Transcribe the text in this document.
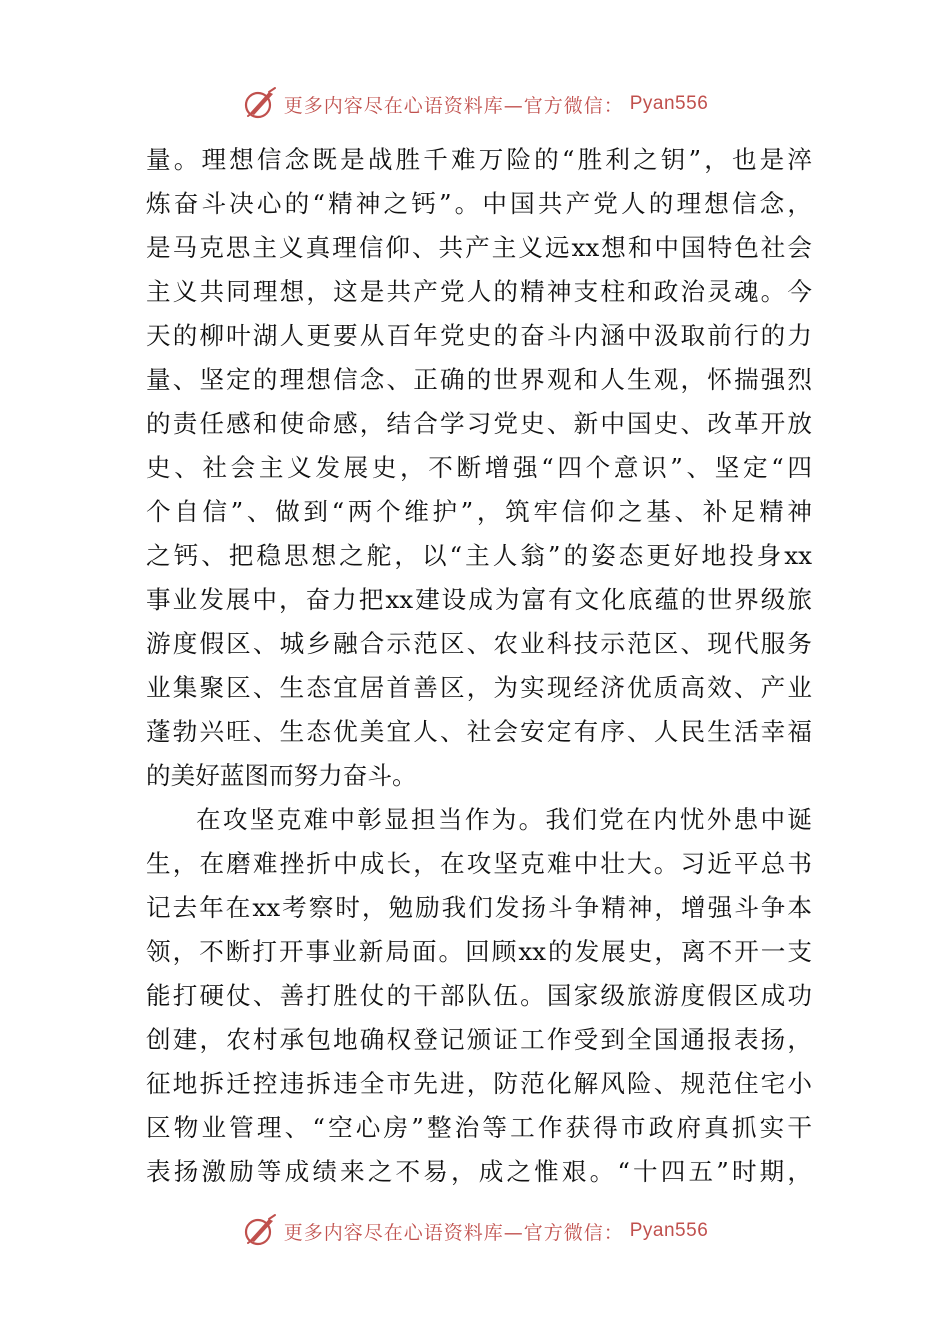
更多内容尽在心语资料库—官方微信： Pyan556
量。理想信念既是战胜千难万险的“胜利之钥”，也是淬
炼奋斗决心的“精神之钙”。中国共产党人的理想信念，
是马克思主义真理信仰、共产主义远xx想和中国特色社会
主义共同理想，这是共产党人的精神支柱和政治灵魂。今
天的柳叶湖人更要从百年党史的奋斗内涵中汲取前行的力
量、坚定的理想信念、正确的世界观和人生观，怀揣强烈
的责任感和使命感，结合学习党史、新中国史、改革开放
史、社会主义发展史，不断增强“四个意识”、坚定“四
个自信”、做到“两个维护”，筑牢信仰之基、补足精神
之钙、把稳思想之舵，以“主人翁”的姿态更好地投身xx
事业发展中，奋力把xx建设成为富有文化底蕴的世界级旅
游度假区、城乡融合示范区、农业科技示范区、现代服务
业集聚区、生态宜居首善区，为实现经济优质高效、产业
蓬勃兴旺、生态优美宜人、社会安定有序、人民生活幸福
的美好蓝图而努力奋斗。
在攻坚克难中彰显担当作为。我们党在内忧外患中诞
生，在磨难挫折中成长，在攻坚克难中壮大。习近平总书
记去年在xx考察时，勉励我们发扬斗争精神，增强斗争本
领，不断打开事业新局面。回顾xx的发展史，离不开一支
能打硬仗、善打胜仗的干部队伍。国家级旅游度假区成功
创建，农村承包地确权登记颁证工作受到全国通报表扬，
征地拆迁控违拆违全市先进，防范化解风险、规范住宅小
区物业管理、“空心房”整治等工作获得市政府真抓实干
表扬激励等成绩来之不易，成之惟艰。“十四五”时期，
更多内容尽在心语资料库—官方微信： Pyan556
